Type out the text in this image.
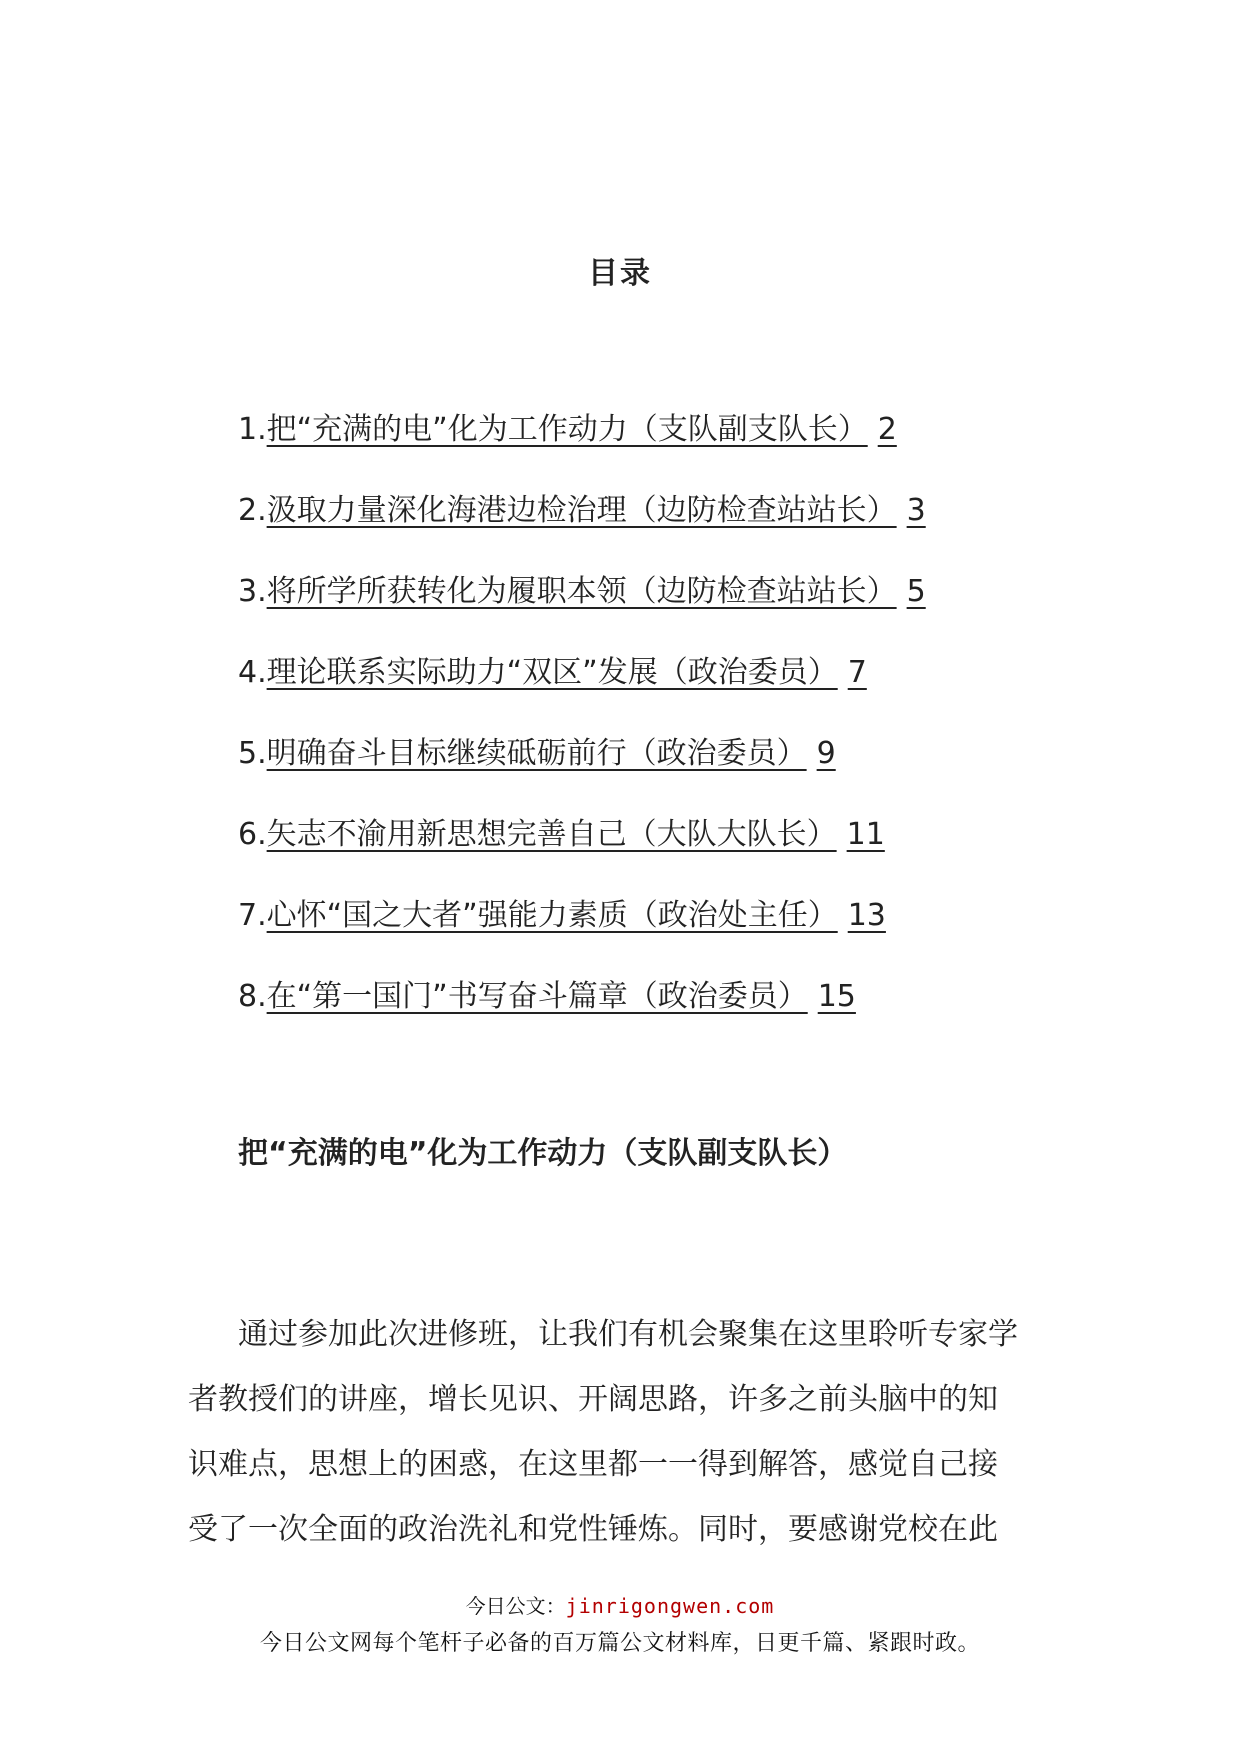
目录
1.把“充满的电”化为工作动力（支队副支队长） 2
2.汲取力量深化海港边检治理（边防检查站站长） 3
3.将所学所获转化为履职本领（边防检查站站长） 5
4.理论联系实际助力“双区”发展（政治委员） 7
5.明确奋斗目标继续砥砺前行（政治委员） 9
6.矢志不渝用新思想完善自己（大队大队长） 11
7.心怀“国之大者”强能力素质（政治处主任） 13
8.在“第一国门”书写奋斗篇章（政治委员） 15
把“充满的电”化为工作动力（支队副支队长）

通过参加此次进修班，让我们有机会聚集在这里聆听专家学
者教授们的讲座，增长见识、开阔思路，许多之前头脑中的知
识难点，思想上的困惑，在这里都一一得到解答，感觉自己接
受了一次全面的政治洗礼和党性锤炼。同时，要感谢党校在此

今日公文：jinrigongwen.com
今日公文网每个笔杆子必备的百万篇公文材料库，日更千篇、紧跟时政。
